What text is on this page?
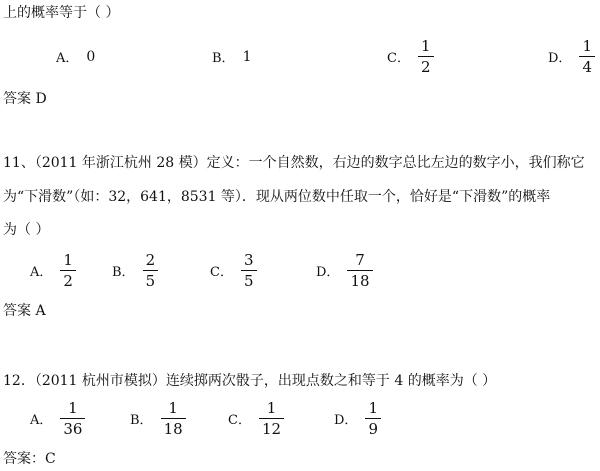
上的概率等于（ ）
A． 0	B． 1	C． $\frac{1}{2}$	D． $\frac{1}{4}$
答案 D
11、（2011 年浙江杭州 28 模）定义：一个自然数，右边的数字总比左边的数字小，我们称它
为“下滑数”（如：32，641，8531 等）．现从两位数中任取一个，恰好是“下滑数”的概率
为（ ）
A． $\frac{1}{2}$	B． $\frac{2}{5}$	C． $\frac{3}{5}$	D． $\frac{7}{18}$
答案 A
12．（2011 杭州市模拟）连续掷两次骰子，出现点数之和等于 4 的概率为（ ）
A． $\frac{1}{36}$	B． $\frac{1}{18}$	C． $\frac{1}{12}$	D． $\frac{1}{9}$
答案：C
